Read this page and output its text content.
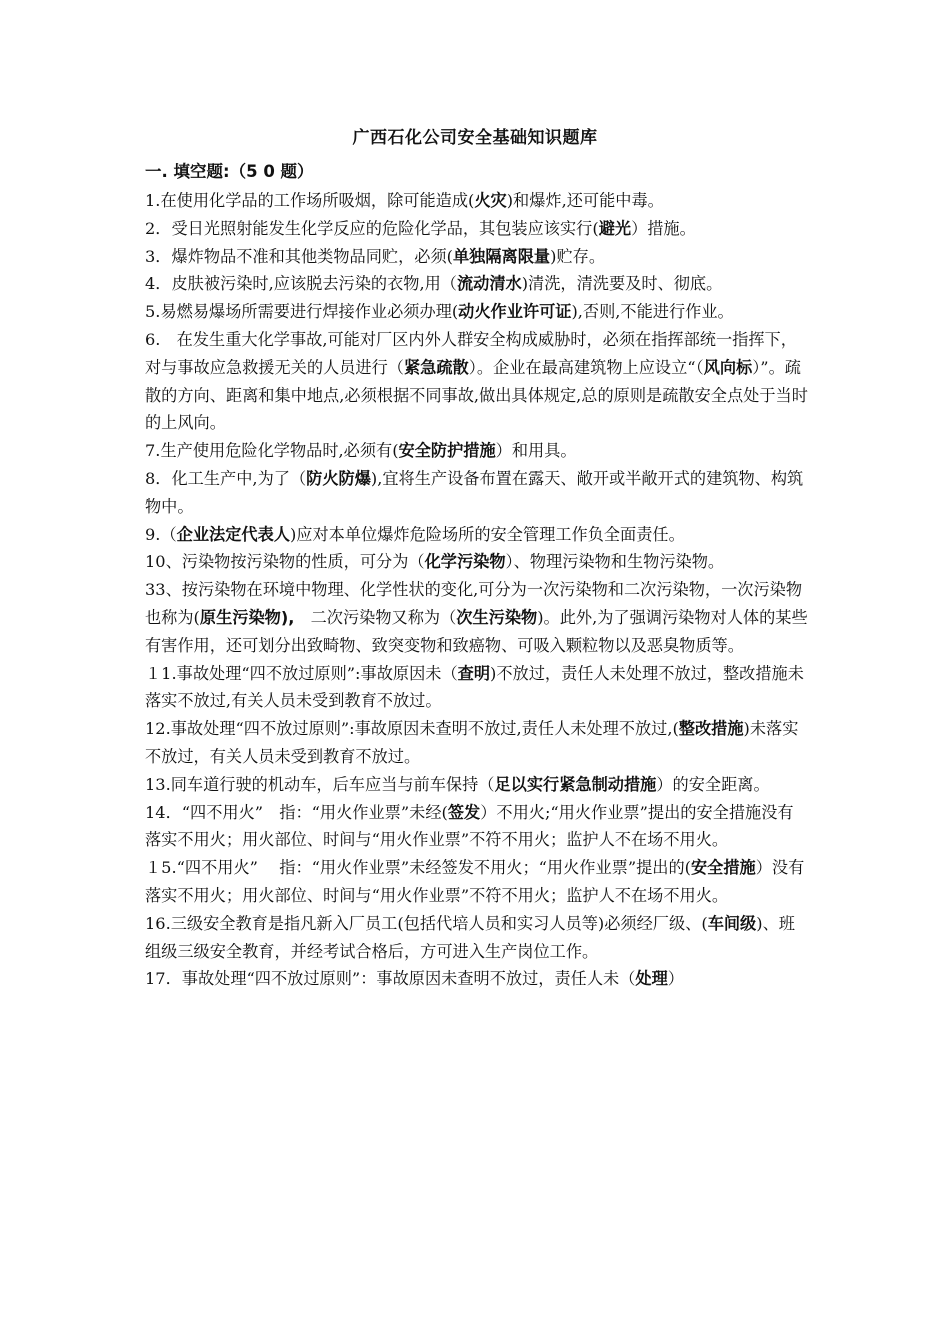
广西石化公司安全基础知识题库
一. 填空题:（5 0 题）

1.在使用化学品的工作场所吸烟，除可能造成(火灾)和爆炸,还可能中毒。

2．受日光照射能发生化学反应的危险化学品，其包装应该实行(避光）措施。

3．爆炸物品不准和其他类物品同贮，必须(单独隔离限量)贮存。

4．皮肤被污染时,应该脱去污染的衣物,用（流动清水)清洗，清洗要及时、彻底。

5.易燃易爆场所需要进行焊接作业必须办理(动火作业许可证),否则,不能进行作业。

6.　在发生重大化学事故,可能对厂区内外人群安全构成威胁时，必须在指挥部统一指挥下，对与事故应急救援无关的人员进行（紧急疏散）。企业在最高建筑物上应设立“（风向标）”。疏散的方向、距离和集中地点,必须根据不同事故,做出具体规定,总的原则是疏散安全点处于当时的上风向。

7.生产使用危险化学物品时,必须有(安全防护措施）和用具。

8．化工生产中,为了（防火防爆),宜将生产设备布置在露天、敞开或半敞开式的建筑物、构筑物中。

9.（企业法定代表人)应对本单位爆炸危险场所的安全管理工作负全面责任。

10、污染物按污染物的性质，可分为（化学污染物）、物理污染物和生物污染物。

33、按污染物在环境中物理、化学性状的变化,可分为一次污染物和二次污染物，一次污染物也称为(原生污染物),　二次污染物又称为（次生污染物)。此外,为了强调污染物对人体的某些有害作用，还可划分出致畸物、致突变物和致癌物、可吸入颗粒物以及恶臭物质等。

１1.事故处理“四不放过原则”:事故原因未（查明)不放过，责任人未处理不放过，整改措施未落实不放过,有关人员未受到教育不放过。

12.事故处理“四不放过原则”:事故原因未查明不放过,责任人未处理不放过,(整改措施)未落实不放过，有关人员未受到教育不放过。

13.同车道行驶的机动车，后车应当与前车保持（足以实行紧急制动措施）的安全距离。

14．“四不用火”　指：“用火作业票”未经(签发）不用火;“用火作业票”提出的安全措施没有落实不用火；用火部位、时间与“用火作业票”不符不用火；监护人不在场不用火。

１5.“四不用火”　 指：“用火作业票”未经签发不用火；“用火作业票”提出的(安全措施）没有落实不用火；用火部位、时间与“用火作业票”不符不用火；监护人不在场不用火。

16.三级安全教育是指凡新入厂员工(包括代培人员和实习人员等)必须经厂级、(车间级)、班组级三级安全教育，并经考试合格后，方可进入生产岗位工作。

17．事故处理“四不放过原则”：事故原因未查明不放过，责任人未（处理）
